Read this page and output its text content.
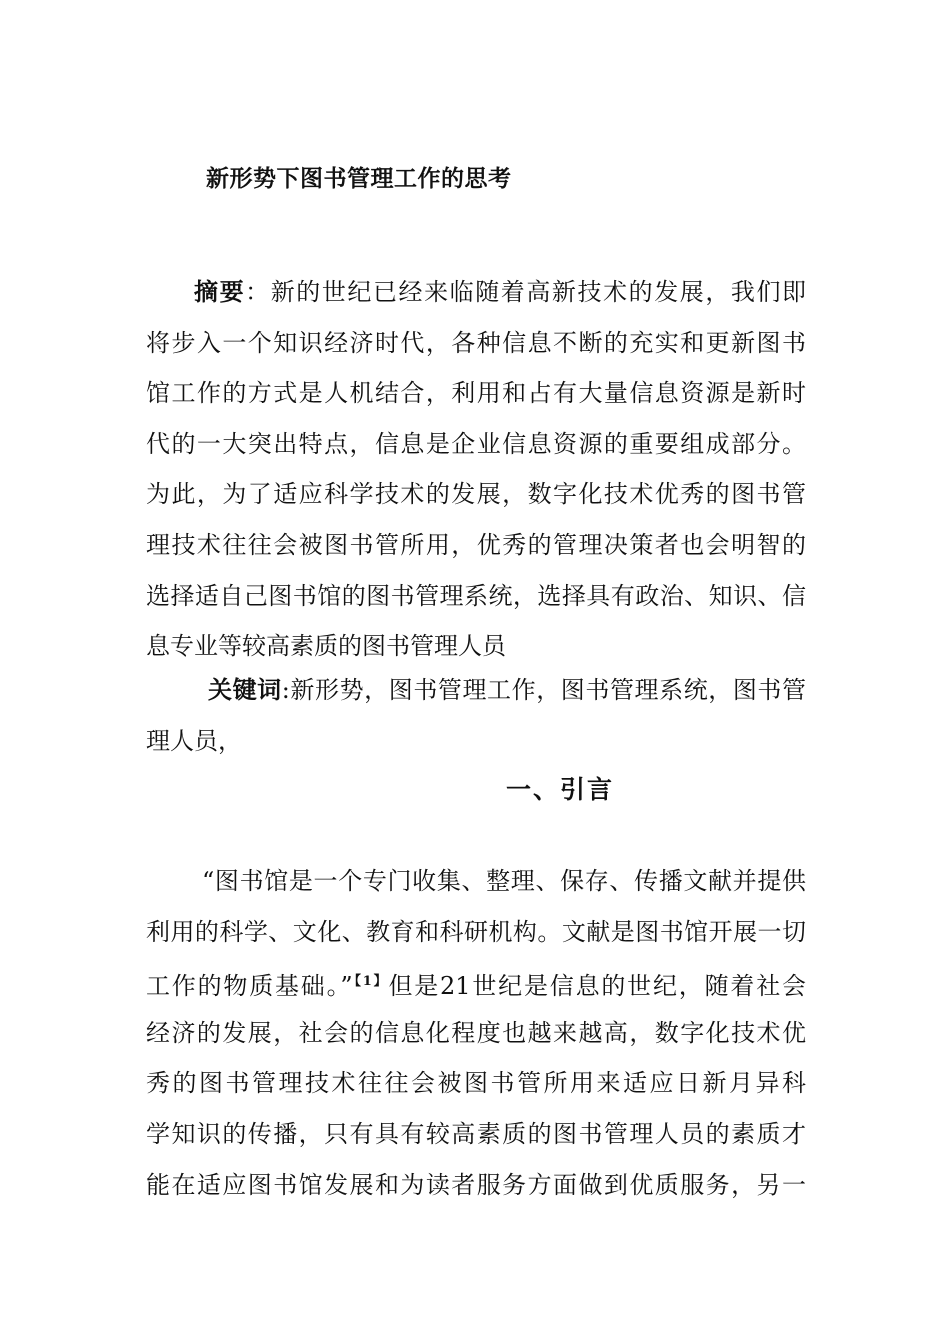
新形势下图书管理工作的思考
摘要：新的世纪已经来临随着高新技术的发展，我们即
将步入一个知识经济时代，各种信息不断的充实和更新图书
馆工作的方式是人机结合，利用和占有大量信息资源是新时
代的一大突出特点，信息是企业信息资源的重要组成部分。
为此，为了适应科学技术的发展，数字化技术优秀的图书管
理技术往往会被图书管所用，优秀的管理决策者也会明智的
选择适自己图书馆的图书管理系统，选择具有政治、知识、信
息专业等较高素质的图书管理人员
关键词:新形势，图书管理工作，图书管理系统，图书管
理人员，
一、引言
“图书馆是一个专门收集、整理、保存、传播文献并提供
利用的科学、文化、教育和科研机构。文献是图书馆开展一切
工作的物质基础。”$^{【1】}$但是21世纪是信息的世纪，随着社会
经济的发展，社会的信息化程度也越来越高，数字化技术优
秀的图书管理技术往往会被图书管所用来适应日新月异科
学知识的传播，只有具有较高素质的图书管理人员的素质才
能在适应图书馆发展和为读者服务方面做到优质服务，另一
